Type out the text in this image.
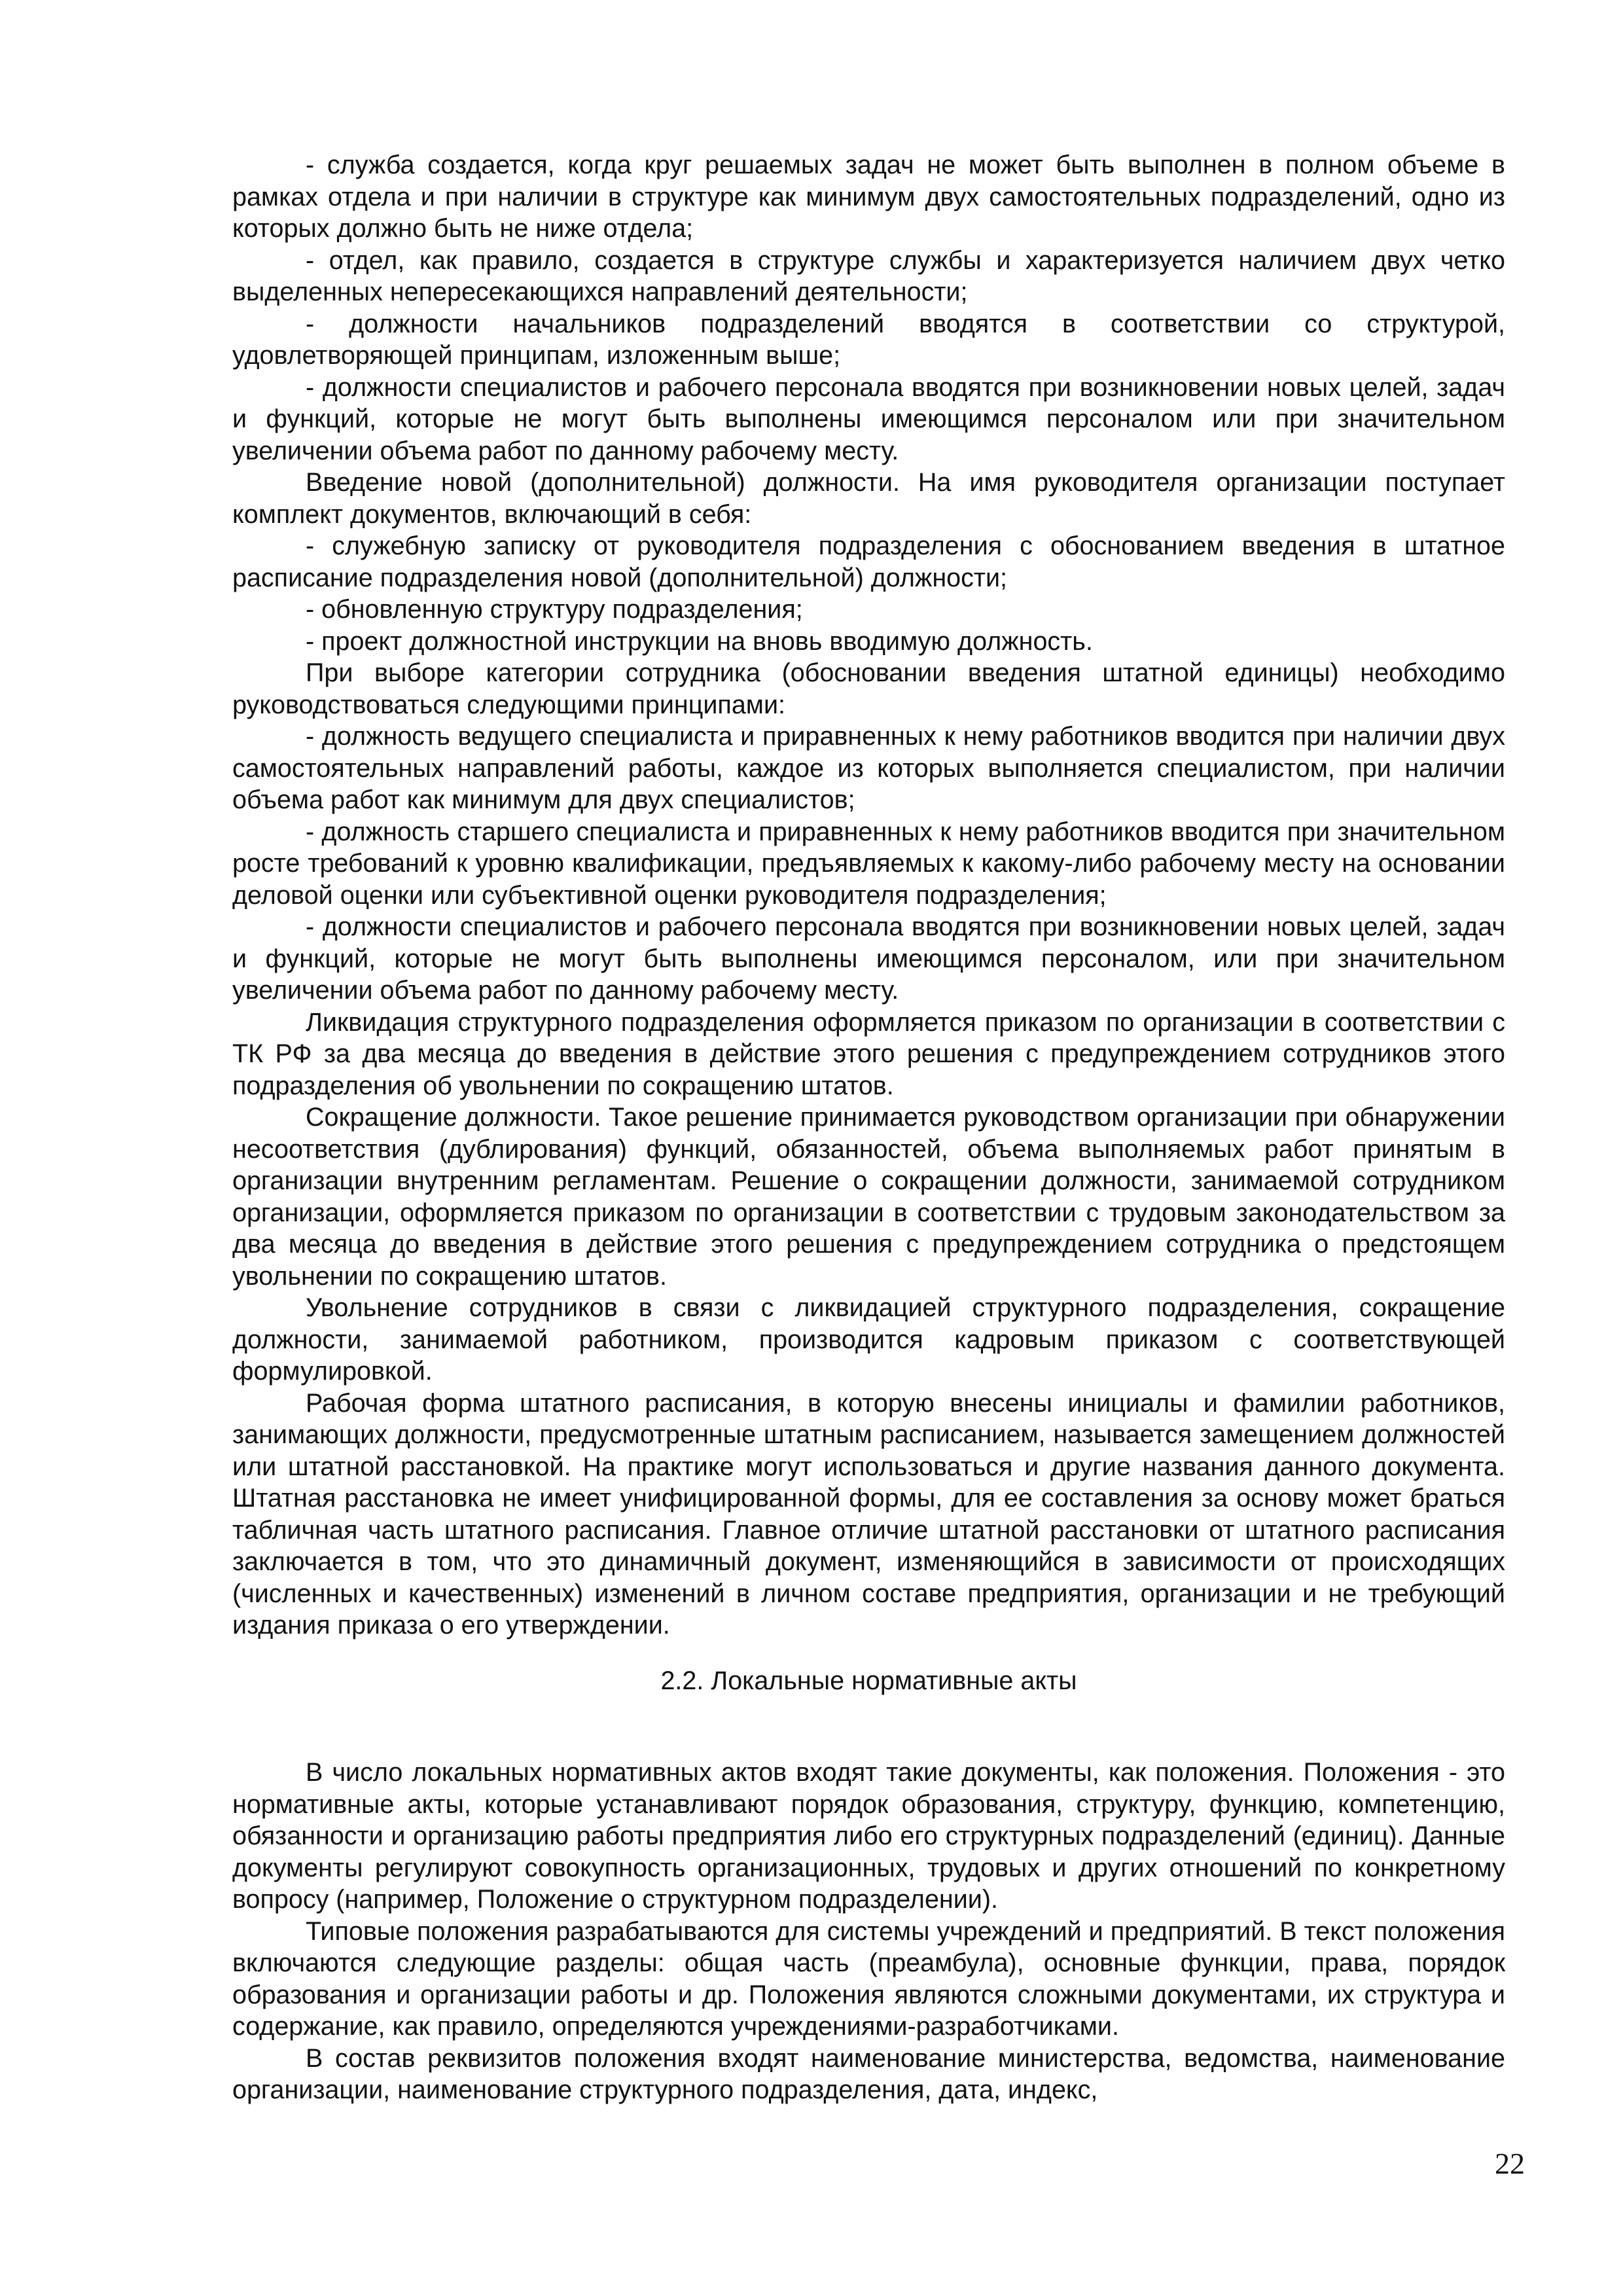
- служба создается, когда круг решаемых задач не может быть выполнен в полном объеме в рамках отдела и при наличии в структуре как минимум двух самостоятельных подразделений, одно из которых должно быть не ниже отдела;

- отдел, как правило, создается в структуре службы и характеризуется наличием двух четко выделенных непересекающихся направлений деятельности;

- должности начальников подразделений вводятся в соответствии со структурой, удовлетворяющей принципам, изложенным выше;

- должности специалистов и рабочего персонала вводятся при возникновении новых целей, задач и функций, которые не могут быть выполнены имеющимся персоналом или при значительном увеличении объема работ по данному рабочему месту.

Введение новой (дополнительной) должности. На имя руководителя организации поступает комплект документов, включающий в себя:

- служебную записку от руководителя подразделения с обоснованием введения в штатное расписание подразделения новой (дополнительной) должности;

- обновленную структуру подразделения;

- проект должностной инструкции на вновь вводимую должность.

При выборе категории сотрудника (обосновании введения штатной единицы) необходимо руководствоваться следующими принципами:

- должность ведущего специалиста и приравненных к нему работников вводится при наличии двух самостоятельных направлений работы, каждое из которых выполняется специалистом, при наличии объема работ как минимум для двух специалистов;

- должность старшего специалиста и приравненных к нему работников вводится при значительном росте требований к уровню квалификации, предъявляемых к какому-либо рабочему месту на основании деловой оценки или субъективной оценки руководителя подразделения;

- должности специалистов и рабочего персонала вводятся при возникновении новых целей, задач и функций, которые не могут быть выполнены имеющимся персоналом, или при значительном увеличении объема работ по данному рабочему месту.

Ликвидация структурного подразделения оформляется приказом по организации в соответствии с ТК РФ за два месяца до введения в действие этого решения с предупреждением сотрудников этого подразделения об увольнении по сокращению штатов.

Сокращение должности. Такое решение принимается руководством организации при обнаружении несоответствия (дублирования) функций, обязанностей, объема выполняемых работ принятым в организации внутренним регламентам. Решение о сокращении должности, занимаемой сотрудником организации, оформляется приказом по организации в соответствии с трудовым законодательством за два месяца до введения в действие этого решения с предупреждением сотрудника о предстоящем увольнении по сокращению штатов.

Увольнение сотрудников в связи с ликвидацией структурного подразделения, сокращение должности, занимаемой работником, производится кадровым приказом с соответствующей формулировкой.

Рабочая форма штатного расписания, в которую внесены инициалы и фамилии работников, занимающих должности, предусмотренные штатным расписанием, называется замещением должностей или штатной расстановкой. На практике могут использоваться и другие названия данного документа. Штатная расстановка не имеет унифицированной формы, для ее составления за основу может браться табличная часть штатного расписания. Главное отличие штатной расстановки от штатного расписания заключается в том, что это динамичный документ, изменяющийся в зависимости от происходящих (численных и качественных) изменений в личном составе предприятия, организации и не требующий издания приказа о его утверждении.

2.2. Локальные нормативные акты

В число локальных нормативных актов входят такие документы, как положения. Положения - это нормативные акты, которые устанавливают порядок образования, структуру, функцию, компетенцию, обязанности и организацию работы предприятия либо его структурных подразделений (единиц). Данные документы регулируют совокупность организационных, трудовых и других отношений по конкретному вопросу (например, Положение о структурном подразделении).

Типовые положения разрабатываются для системы учреждений и предприятий. В текст положения включаются следующие разделы: общая часть (преамбула), основные функции, права, порядок образования и организации работы и др. Положения являются сложными документами, их структура и содержание, как правило, определяются учреждениями-разработчиками.

В состав реквизитов положения входят наименование министерства, ведомства, наименование организации, наименование структурного подразделения, дата, индекс,

22
